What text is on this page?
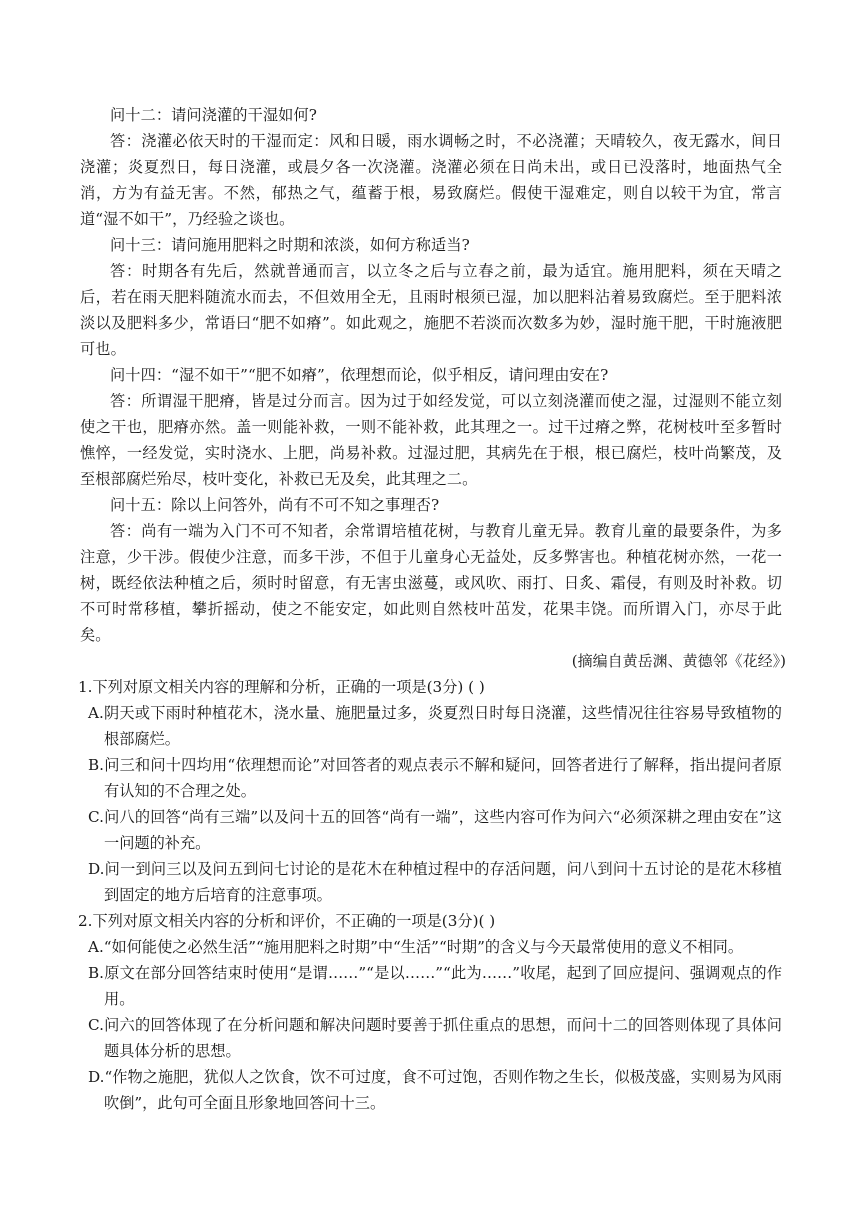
问十二：请问浇灌的干湿如何?

答：浇灌必依天时的干湿而定：风和日暖，雨水调畅之时，不必浇灌；天晴较久，夜无露水，间日浇灌；炎夏烈日，每日浇灌，或晨夕各一次浇灌。浇灌必须在日尚未出，或日已没落时，地面热气全消，方为有益无害。不然，郁热之气，蕴蓄于根，易致腐烂。假使干湿难定，则自以较干为宜，常言道“湿不如干”，乃经验之谈也。

问十三：请问施用肥料之时期和浓淡，如何方称适当?

答：时期各有先后，然就普通而言，以立冬之后与立春之前，最为适宜。施用肥料，须在天晴之后，若在雨天肥料随流水而去，不但效用全无，且雨时根须已湿，加以肥料沾着易致腐烂。至于肥料浓淡以及肥料多少，常语曰“肥不如瘠”。如此观之，施肥不若淡而次数多为妙，湿时施干肥，干时施液肥可也。

问十四：“湿不如干”“肥不如瘠”，依理想而论，似乎相反，请问理由安在?

答：所谓湿干肥瘠，皆是过分而言。因为过于如经发觉，可以立刻浇灌而使之湿，过湿则不能立刻使之干也，肥瘠亦然。盖一则能补救，一则不能补救，此其理之一。过干过瘠之弊，花树枝叶至多暂时憔悴，一经发觉，实时浇水、上肥，尚易补救。过湿过肥，其病先在于根，根已腐烂，枝叶尚繁茂，及至根部腐烂殆尽，枝叶变化，补救已无及矣，此其理之二。

问十五：除以上问答外，尚有不可不知之事理否?

答：尚有一端为入门不可不知者，余常谓培植花树，与教育儿童无异。教育儿童的最要条件，为多注意，少干涉。假使少注意，而多干涉，不但于儿童身心无益处，反多弊害也。种植花树亦然，一花一树，既经依法种植之后，须时时留意，有无害虫滋蔓，或风吹、雨打、日炙、霜侵，有则及时补救。切不可时常移植，攀折摇动，使之不能安定，如此则自然枝叶茁发，花果丰饶。而所谓入门，亦尽于此矣。

(摘编自黄岳渊、黄德邻《花经》)

1.下列对原文相关内容的理解和分析，正确的一项是(3分) ( )

A.阴天或下雨时种植花木，浇水量、施肥量过多，炎夏烈日时每日浇灌，这些情况往往容易导致植物的根部腐烂。

B.问三和问十四均用“依理想而论”对回答者的观点表示不解和疑问，回答者进行了解释，指出提问者原有认知的不合理之处。

C.问八的回答“尚有三端”以及问十五的回答“尚有一端”，这些内容可作为问六“必须深耕之理由安在”这一问题的补充。

D.问一到问三以及问五到问七讨论的是花木在种植过程中的存活问题，问八到问十五讨论的是花木移植到固定的地方后培育的注意事项。

2.下列对原文相关内容的分析和评价，不正确的一项是(3分)( )

A.“如何能使之必然生活”“施用肥料之时期”中“生活”“时期”的含义与今天最常使用的意义不相同。

B.原文在部分回答结束时使用“是谓……”“是以……”“此为……”收尾，起到了回应提问、强调观点的作用。

C.问六的回答体现了在分析问题和解决问题时要善于抓住重点的思想，而问十二的回答则体现了具体问题具体分析的思想。

D.“作物之施肥，犹似人之饮食，饮不可过度，食不可过饱，否则作物之生长，似极茂盛，实则易为风雨吹倒”，此句可全面且形象地回答问十三。
